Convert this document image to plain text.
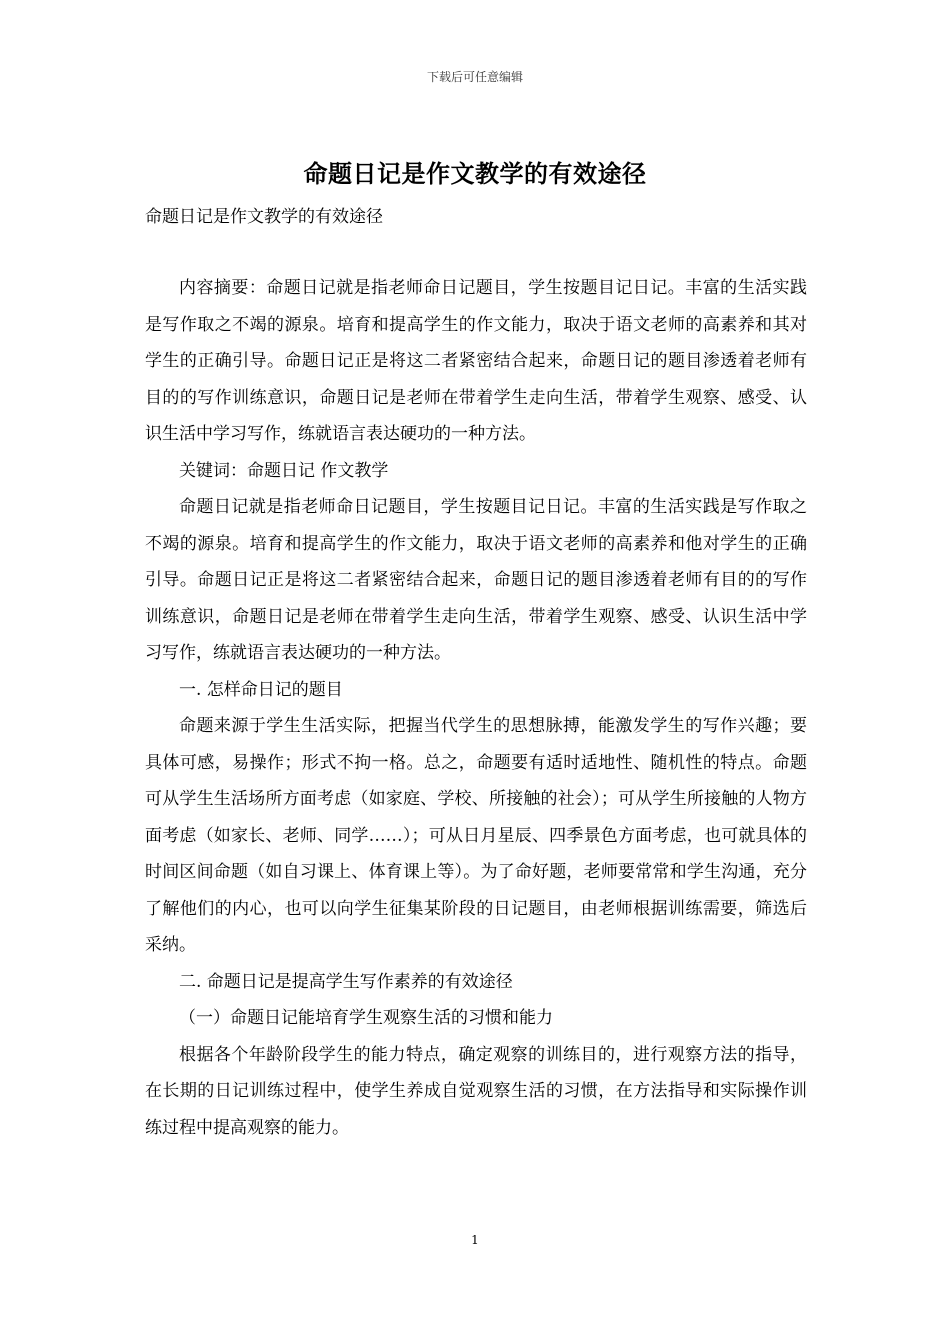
下载后可任意编辑
命题日记是作文教学的有效途径
命题日记是作文教学的有效途径

内容摘要：命题日记就是指老师命日记题目，学生按题目记日记。丰富的生活实践是写作取之不竭的源泉。培育和提高学生的作文能力，取决于语文老师的高素养和其对学生的正确引导。命题日记正是将这二者紧密结合起来，命题日记的题目渗透着老师有目的的写作训练意识，命题日记是老师在带着学生走向生活，带着学生观察、感受、认识生活中学习写作，练就语言表达硬功的一种方法。

关键词：命题日记 作文教学

命题日记就是指老师命日记题目，学生按题目记日记。丰富的生活实践是写作取之不竭的源泉。培育和提高学生的作文能力，取决于语文老师的高素养和他对学生的正确引导。命题日记正是将这二者紧密结合起来，命题日记的题目渗透着老师有目的的写作训练意识，命题日记是老师在带着学生走向生活，带着学生观察、感受、认识生活中学习写作，练就语言表达硬功的一种方法。

一. 怎样命日记的题目

命题来源于学生生活实际，把握当代学生的思想脉搏，能激发学生的写作兴趣；要具体可感，易操作；形式不拘一格。总之，命题要有适时适地性、随机性的特点。命题可从学生生活场所方面考虑（如家庭、学校、所接触的社会）；可从学生所接触的人物方面考虑（如家长、老师、同学……）；可从日月星辰、四季景色方面考虑，也可就具体的时间区间命题（如自习课上、体育课上等）。为了命好题，老师要常常和学生沟通，充分了解他们的内心，也可以向学生征集某阶段的日记题目，由老师根据训练需要，筛选后采纳。

二. 命题日记是提高学生写作素养的有效途径

（一）命题日记能培育学生观察生活的习惯和能力

根据各个年龄阶段学生的能力特点，确定观察的训练目的，进行观察方法的指导，在长期的日记训练过程中，使学生养成自觉观察生活的习惯，在方法指导和实际操作训练过程中提高观察的能力。

1
